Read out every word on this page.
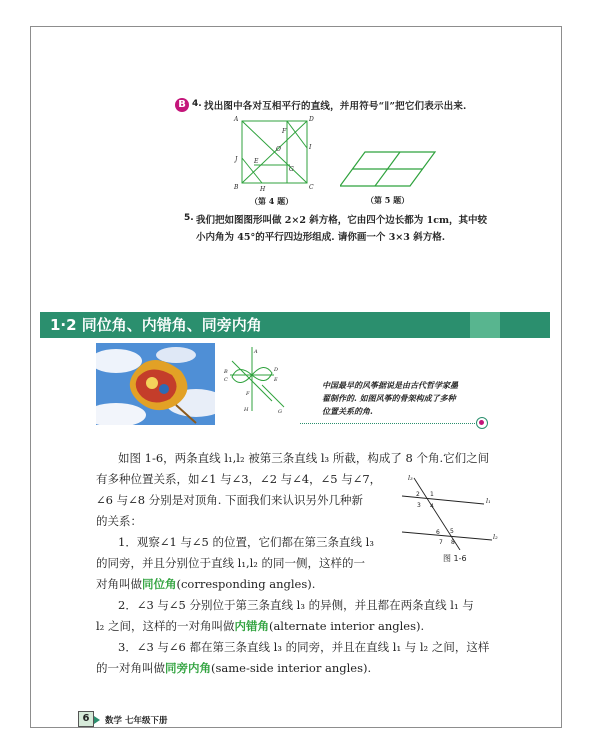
B 4. 找出图中各对互相平行的直线，并用符号“∥”把它们表示出来.
A	D
F
I
O
E
J
G
B	H	C
（第 4 题）	（第 5 题）
5. 我们把如图图形叫做 2×2 斜方格，它由四个边长都为 1cm，其中较
小内角为 45°的平行四边形组成. 请你画一个 3×3 斜方格.
1·2 同位角、内错角、同旁内角
A
B
C
D
E
F
G
H
中国最早的风筝据说是由古代哲学家墨翟制作的. 如图风筝的骨架构成了多种位置关系的角.
如图 1-6，两条直线 l₁,l₂ 被第三条直线 l₃ 所截，构成了 8 个角.它们之间
有多种位置关系，如∠1 与∠3，∠2 与∠4，∠5 与∠7，
∠6 与∠8 分别是对顶角. 下面我们来认识另外几种新
的关系：
1．观察∠1 与∠5 的位置，它们都在第三条直线 l₃
的同旁，并且分别位于直线 l₁,l₂ 的同一侧，这样的一
对角叫做同位角(corresponding angles).
2．∠3 与∠5 分别位于第三条直线 l₃ 的异侧，并且都在两条直线 l₁ 与
l₂ 之间，这样的一对角叫做内错角(alternate interior angles).
3．∠3 与∠6 都在第三条直线 l₃ 的同旁，并且在直线 l₁ 与 l₂ 之间，这样
的一对角叫做同旁内角(same-side interior angles).
l₃
l₁
l₂
1
2
3 4
5
6
7 8
图 1-6
6	数学 七年级下册
